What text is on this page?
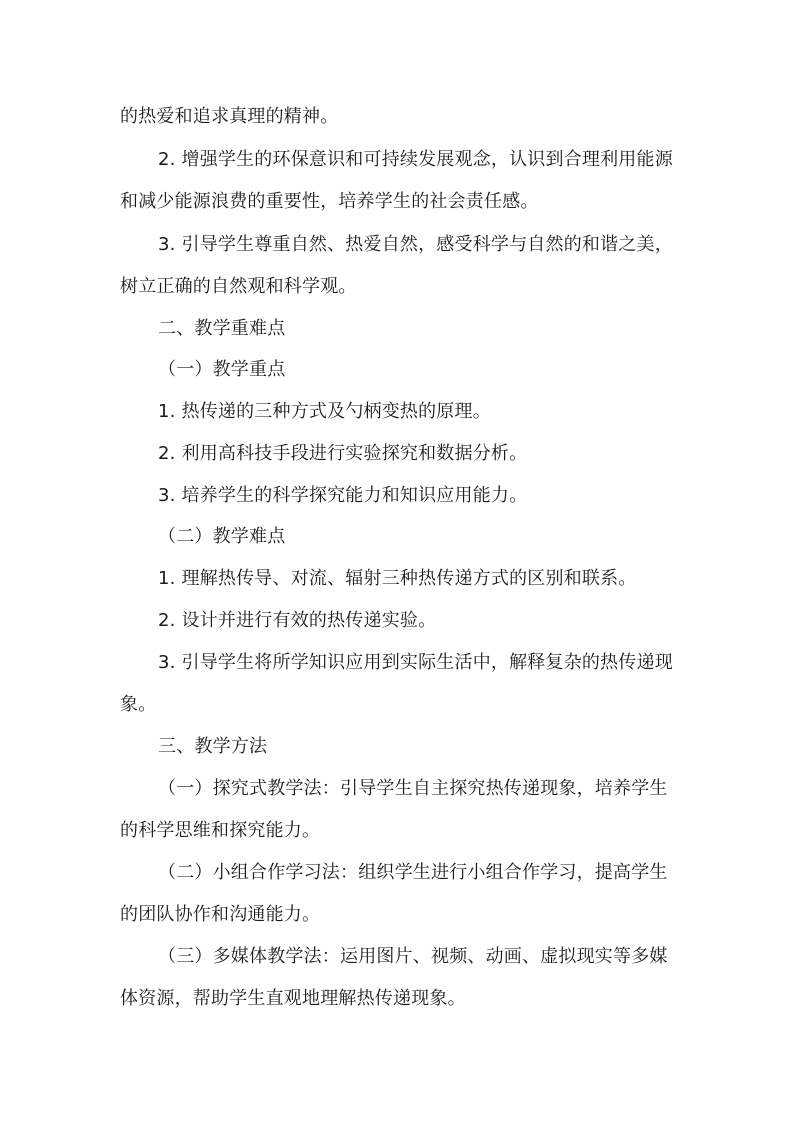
的热爱和追求真理的精神。
2. 增强学生的环保意识和可持续发展观念，认识到合理利用能源
和减少能源浪费的重要性，培养学生的社会责任感。
3. 引导学生尊重自然、热爱自然，感受科学与自然的和谐之美，
树立正确的自然观和科学观。
二、教学重难点
（一）教学重点
1. 热传递的三种方式及勺柄变热的原理。
2. 利用高科技手段进行实验探究和数据分析。
3. 培养学生的科学探究能力和知识应用能力。
（二）教学难点
1. 理解热传导、对流、辐射三种热传递方式的区别和联系。
2. 设计并进行有效的热传递实验。
3. 引导学生将所学知识应用到实际生活中，解释复杂的热传递现
象。
三、教学方法
（一）探究式教学法：引导学生自主探究热传递现象，培养学生
的科学思维和探究能力。
（二）小组合作学习法：组织学生进行小组合作学习，提高学生
的团队协作和沟通能力。
（三）多媒体教学法：运用图片、视频、动画、虚拟现实等多媒
体资源，帮助学生直观地理解热传递现象。
